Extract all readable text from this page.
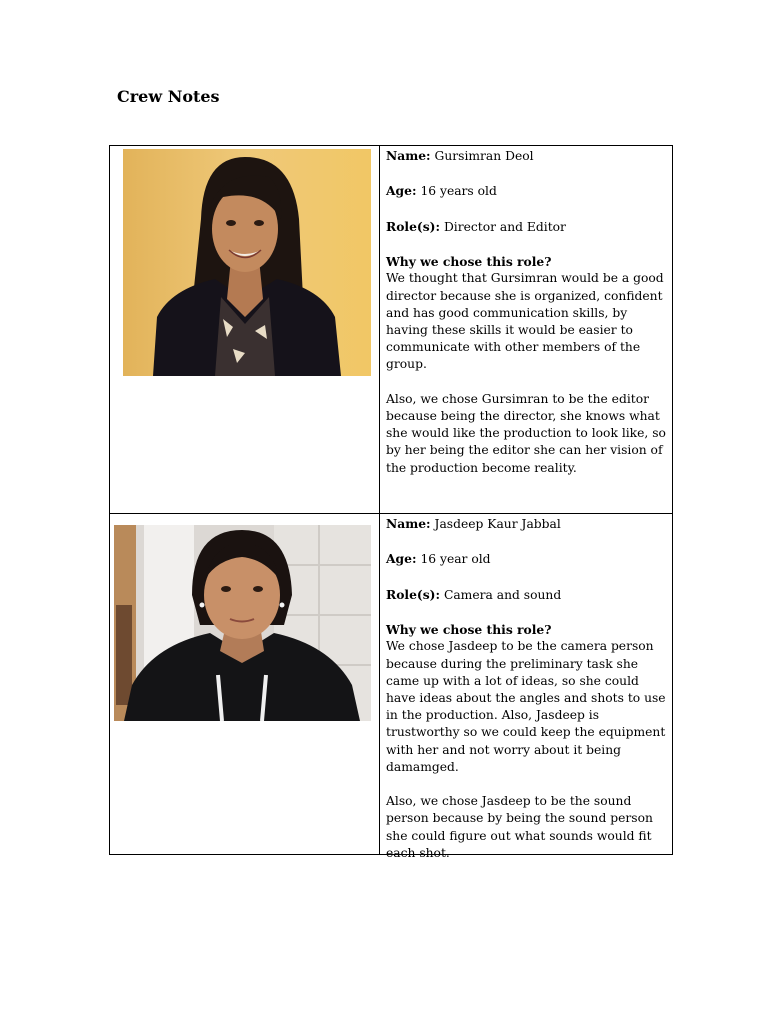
Crew Notes

Name: Gursimran Deol

Age: 16 years old

Role(s): Director and Editor

Why we chose this role?
We thought that Gursimran would be a good director because she is organized, confident and has good communication skills, by having these skills it would be easier to communicate with other members of the group.

Also, we chose Gursimran to be the editor because being the director, she knows what she would like the production to look like, so by her being the editor she can her vision of the production become reality.

Name: Jasdeep Kaur Jabbal

Age: 16 year old

Role(s): Camera and sound

Why we chose this role?
We chose Jasdeep to be the camera person because during the preliminary task she came up with a lot of ideas, so she could have ideas about the angles and shots to use in the production. Also, Jasdeep is trustworthy so we could keep the equipment with her and not worry about it being damamged.

Also, we chose Jasdeep to be the sound person because by being the sound person she could figure out what sounds would fit each shot.
